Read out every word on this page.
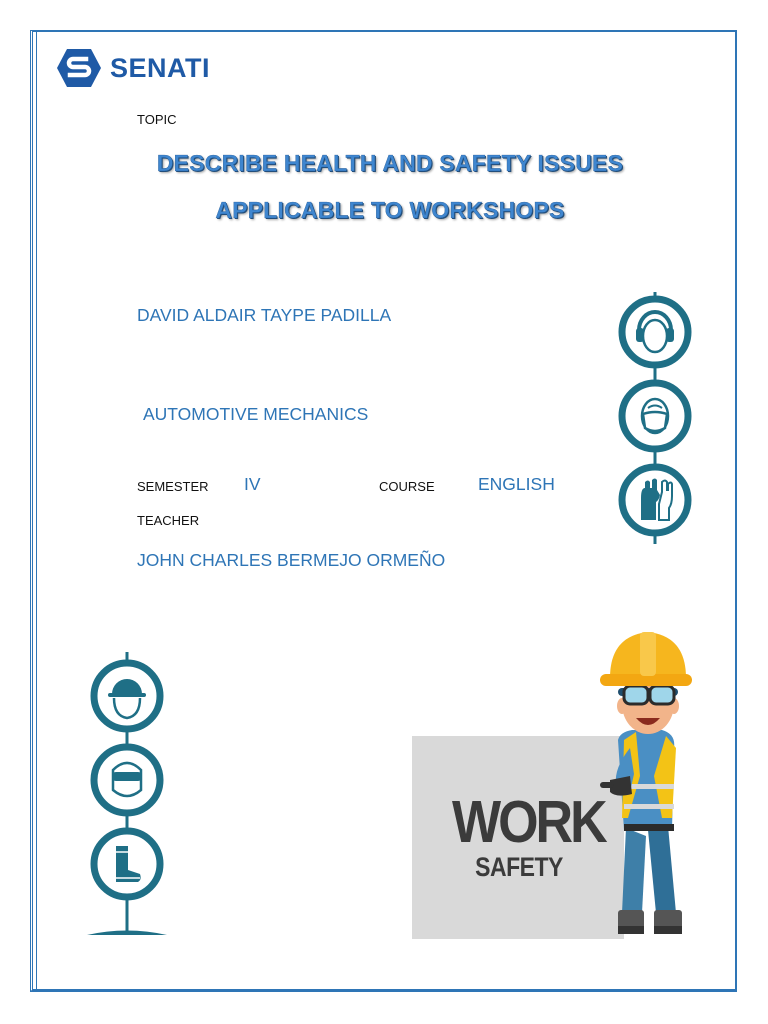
SENATI
TOPIC
DESCRIBE HEALTH AND SAFETY ISSUES
APPLICABLE TO WORKSHOPS
DAVID ALDAIR TAYPE PADILLA
AUTOMOTIVE MECHANICS
SEMESTER IV	COURSE ENGLISH
TEACHER
JOHN CHARLES BERMEJO ORMEÑO
WORK
SAFETY
